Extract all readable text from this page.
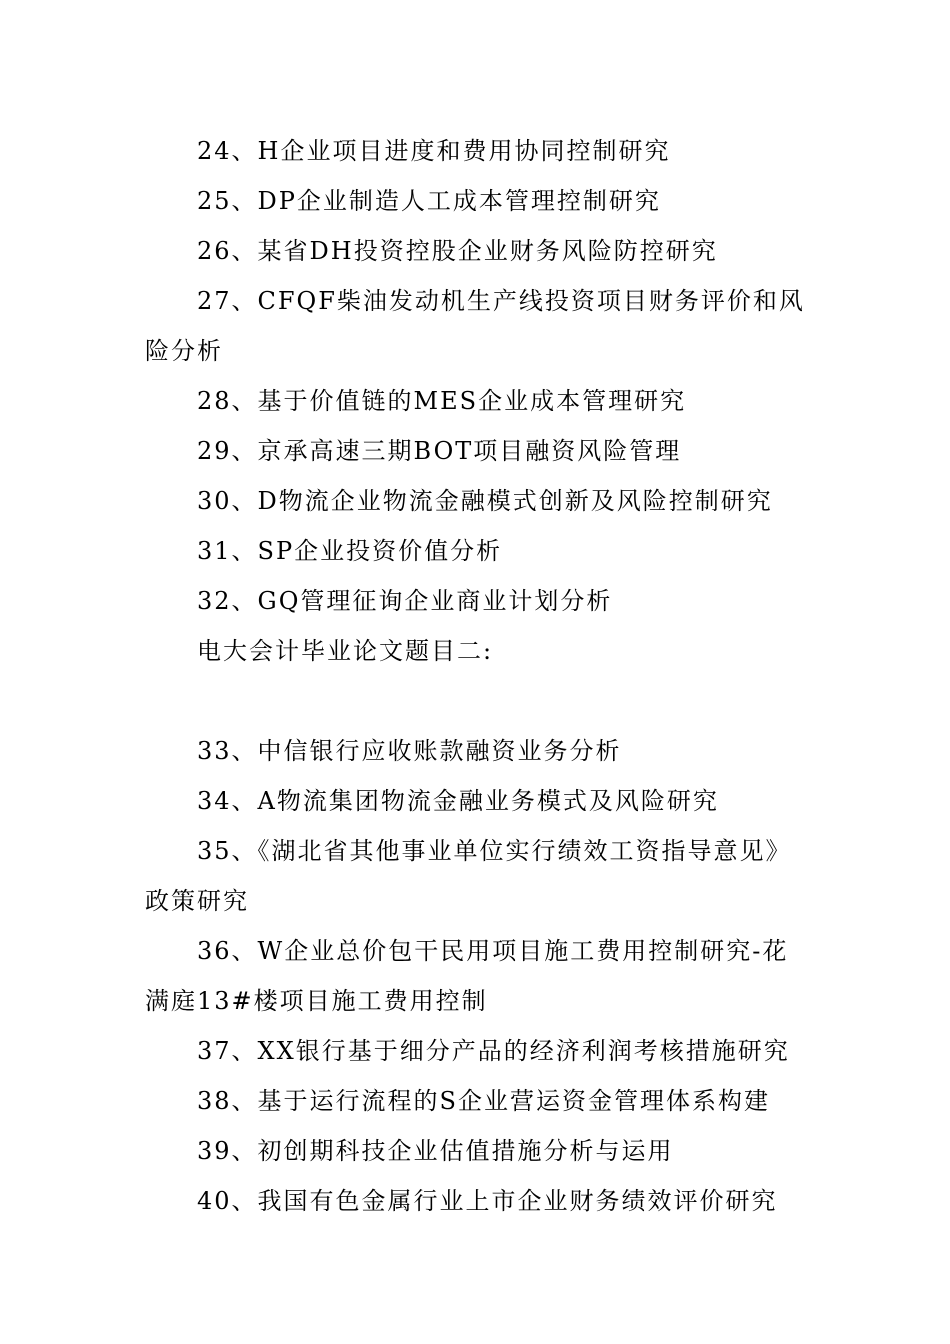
24、H企业项目进度和费用协同控制研究

25、DP企业制造人工成本管理控制研究

26、某省DH投资控股企业财务风险防控研究

27、CFQF柴油发动机生产线投资项目财务评价和风险分析

28、基于价值链的MES企业成本管理研究

29、京承高速三期BOT项目融资风险管理

30、D物流企业物流金融模式创新及风险控制研究

31、SP企业投资价值分析

32、GQ管理征询企业商业计划分析

电大会计毕业论文题目二:

33、中信银行应收账款融资业务分析

34、A物流集团物流金融业务模式及风险研究

35、《湖北省其他事业单位实行绩效工资指导意见》政策研究

36、W企业总价包干民用项目施工费用控制研究-花满庭13#楼项目施工费用控制

37、XX银行基于细分产品的经济利润考核措施研究

38、基于运行流程的S企业营运资金管理体系构建

39、初创期科技企业估值措施分析与运用

40、我国有色金属行业上市企业财务绩效评价研究
